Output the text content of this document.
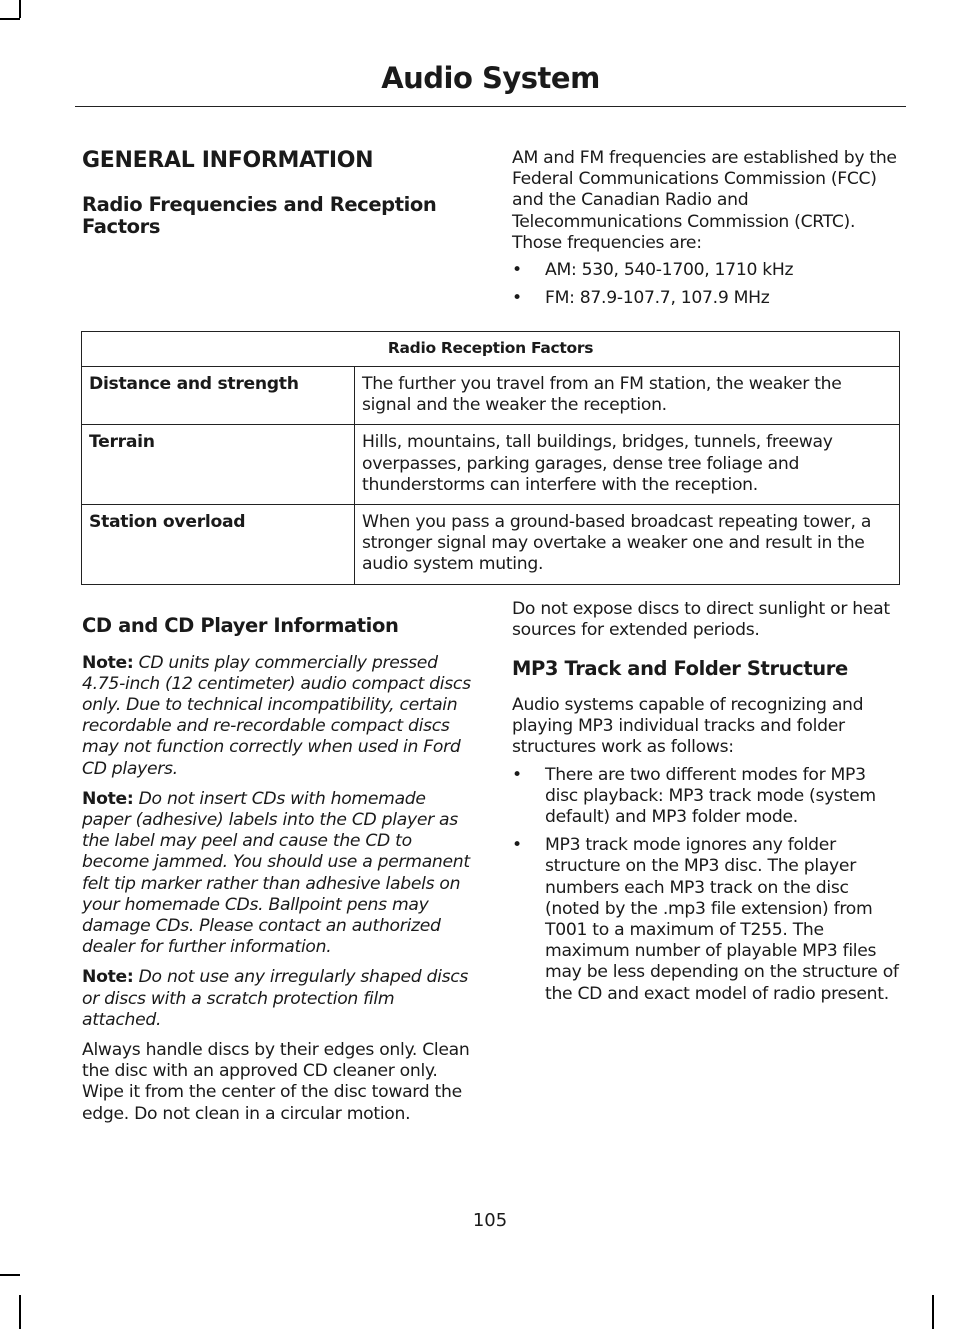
Audio System
GENERAL INFORMATION
Radio Frequencies and Reception Factors

AM and FM frequencies are established by the Federal Communications Commission (FCC) and the Canadian Radio and Telecommunications Commission (CRTC). Those frequencies are:

• AM: 530, 540-1700, 1710 kHz
• FM: 87.9-107.7, 107.9 MHz
Radio Reception Factors	
Distance and strength	The further you travel from an FM station, the weaker the signal and the weaker the reception.
Terrain	Hills, mountains, tall buildings, bridges, tunnels, freeway overpasses, parking garages, dense tree foliage and thunderstorms can interfere with the reception.
Station overload	When you pass a ground-based broadcast repeating tower, a stronger signal may overtake a weaker one and result in the audio system muting.
CD and CD Player Information

Note: CD units play commercially pressed 4.75-inch (12 centimeter) audio compact discs only. Due to technical incompatibility, certain recordable and re-recordable compact discs may not function correctly when used in Ford CD players.

Note: Do not insert CDs with homemade paper (adhesive) labels into the CD player as the label may peel and cause the CD to become jammed. You should use a permanent felt tip marker rather than adhesive labels on your homemade CDs. Ballpoint pens may damage CDs. Please contact an authorized dealer for further information.

Note: Do not use any irregularly shaped discs or discs with a scratch protection film attached.

Always handle discs by their edges only. Clean the disc with an approved CD cleaner only. Wipe it from the center of the disc toward the edge. Do not clean in a circular motion.

Do not expose discs to direct sunlight or heat sources for extended periods.

MP3 Track and Folder Structure

Audio systems capable of recognizing and playing MP3 individual tracks and folder structures work as follows:

• There are two different modes for MP3 disc playback: MP3 track mode (system default) and MP3 folder mode.
• MP3 track mode ignores any folder structure on the MP3 disc. The player numbers each MP3 track on the disc (noted by the .mp3 file extension) from T001 to a maximum of T255. The maximum number of playable MP3 files may be less depending on the structure of the CD and exact model of radio present.
105
